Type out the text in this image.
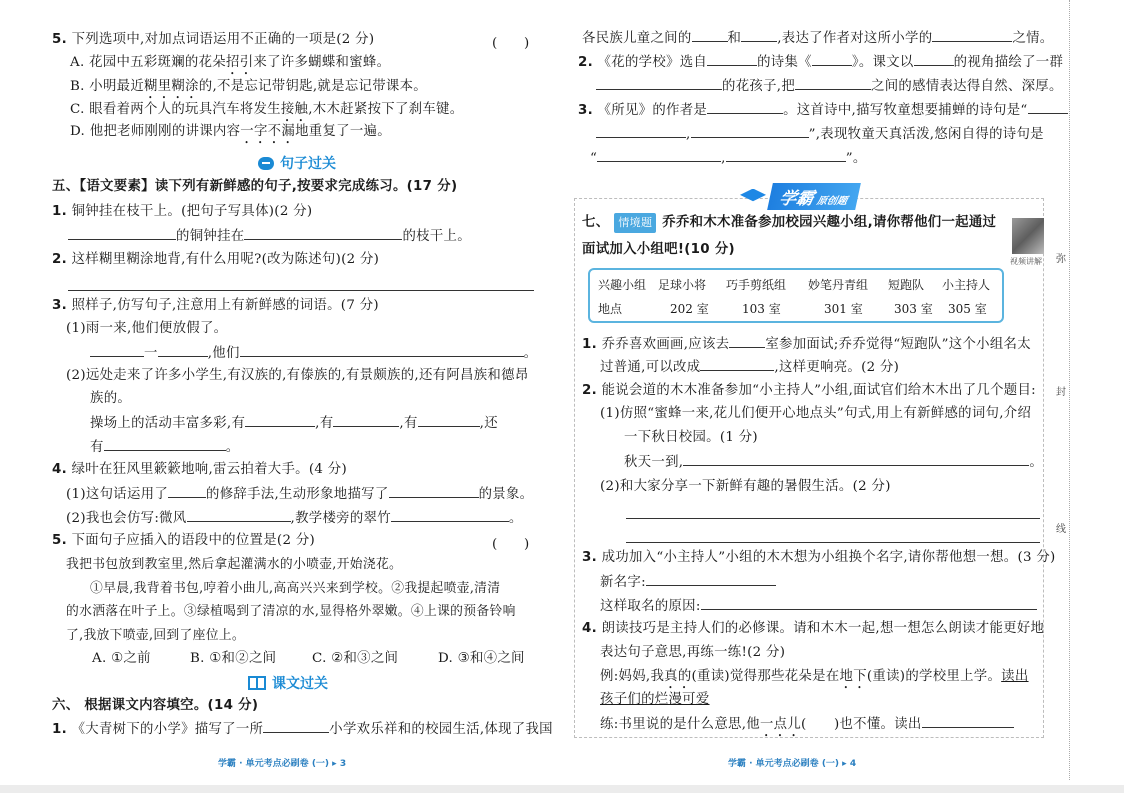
5. 下列选项中,对加点词语运用不正确的一项是(2 分)	(　　)
A. 花园中五彩斑斓的花朵招引来了许多蝴蝶和蜜蜂。
B. 小明最近糊里糊涂的,不是忘记带钥匙,就是忘记带课本。
C. 眼看着两个人的玩具汽车将发生接触,木木赶紧按下了刹车键。
D. 他把老师刚刚的讲课内容一字不漏地重复了一遍。
句子过关
五、【语文要素】读下列有新鲜感的句子,按要求完成练习。(17 分)
1. 铜钟挂在枝干上。(把句子写具体)(2 分)
的铜钟挂在	的枝干上。
2. 这样糊里糊涂地背,有什么用呢?(改为陈述句)(2 分)
3. 照样子,仿写句子,注意用上有新鲜感的词语。(7 分)
(1)雨一来,他们便放假了。
一	,他们	。
(2)远处走来了许多小学生,有汉族的,有傣族的,有景颇族的,还有阿昌族和德昂
族的。
操场上的活动丰富多彩,有	,有	,有	,还
有	。
4. 绿叶在狂风里簌簌地响,雷云拍着大手。(4 分)
(1)这句话运用了	的修辞手法,生动形象地描写了	的景象。
(2)我也会仿写:微风	,教学楼旁的翠竹	。
5. 下面句子应插入的语段中的位置是(2 分)	(　　)
我把书包放到教室里,然后拿起灌满水的小喷壶,开始浇花。
①早晨,我背着书包,哼着小曲儿,高高兴兴来到学校。②我提起喷壶,清清
的水洒落在叶子上。③绿植喝到了清凉的水,显得格外翠嫩。④上课的预备铃响
了,我放下喷壶,回到了座位上。
A. ①之前	B. ①和②之间	C. ②和③之间	D. ③和④之间
课文过关
六、 根据课文内容填空。(14 分)
1. 《大青树下的小学》描写了一所	小学欢乐祥和的校园生活,体现了我国
学霸 · 单元考点必刷卷 (一) ▸ 3
各民族儿童之间的	和	,表达了作者对这所小学的	之情。
2. 《花的学校》选自	的诗集《	》。课文以	的视角描绘了一群
的花孩子,把	之间的感情表达得自然、深厚。
3. 《所见》的作者是	。这首诗中,描写牧童想要捕蝉的诗句是“
,	”,表现牧童天真活泼,悠闲自得的诗句是
“	,	”。
学霸 原创题
七、 情境题 乔乔和木木准备参加校园兴趣小组,请你帮他们一起通过
面试加入小组吧!(10 分)
视频讲解
兴趣小组 足球小将	巧手剪纸组	妙笔丹青组	短跑队	小主持人
地点	202 室	103 室	301 室	303 室	305 室
1. 乔乔喜欢画画,应该去	室参加面试;乔乔觉得“短跑队”这个小组名太
过普通,可以改成	,这样更响亮。(2 分)
2. 能说会道的木木准备参加“小主持人”小组,面试官们给木木出了几个题目:
(1)仿照“蜜蜂一来,花儿们便开心地点头”句式,用上有新鲜感的词句,介绍
一下秋日校园。(1 分)
秋天一到,	。
(2)和大家分享一下新鲜有趣的暑假生活。(2 分)
3. 成功加入“小主持人”小组的木木想为小组换个名字,请你帮他想一想。(3 分)
新名字:
这样取名的原因:
4. 朗读技巧是主持人们的必修课。请和木木一起,想一想怎么朗读才能更好地
表达句子意思,再练一练!(2 分)
例:妈妈,我真的(重读)觉得那些花朵是在地下(重读)的学校里上学。读出
孩子们的烂漫可爱
练:书里说的是什么意思,他一点儿(　　)也不懂。读出
弥
封
线
学霸 · 单元考点必刷卷 (一) ▸ 4
